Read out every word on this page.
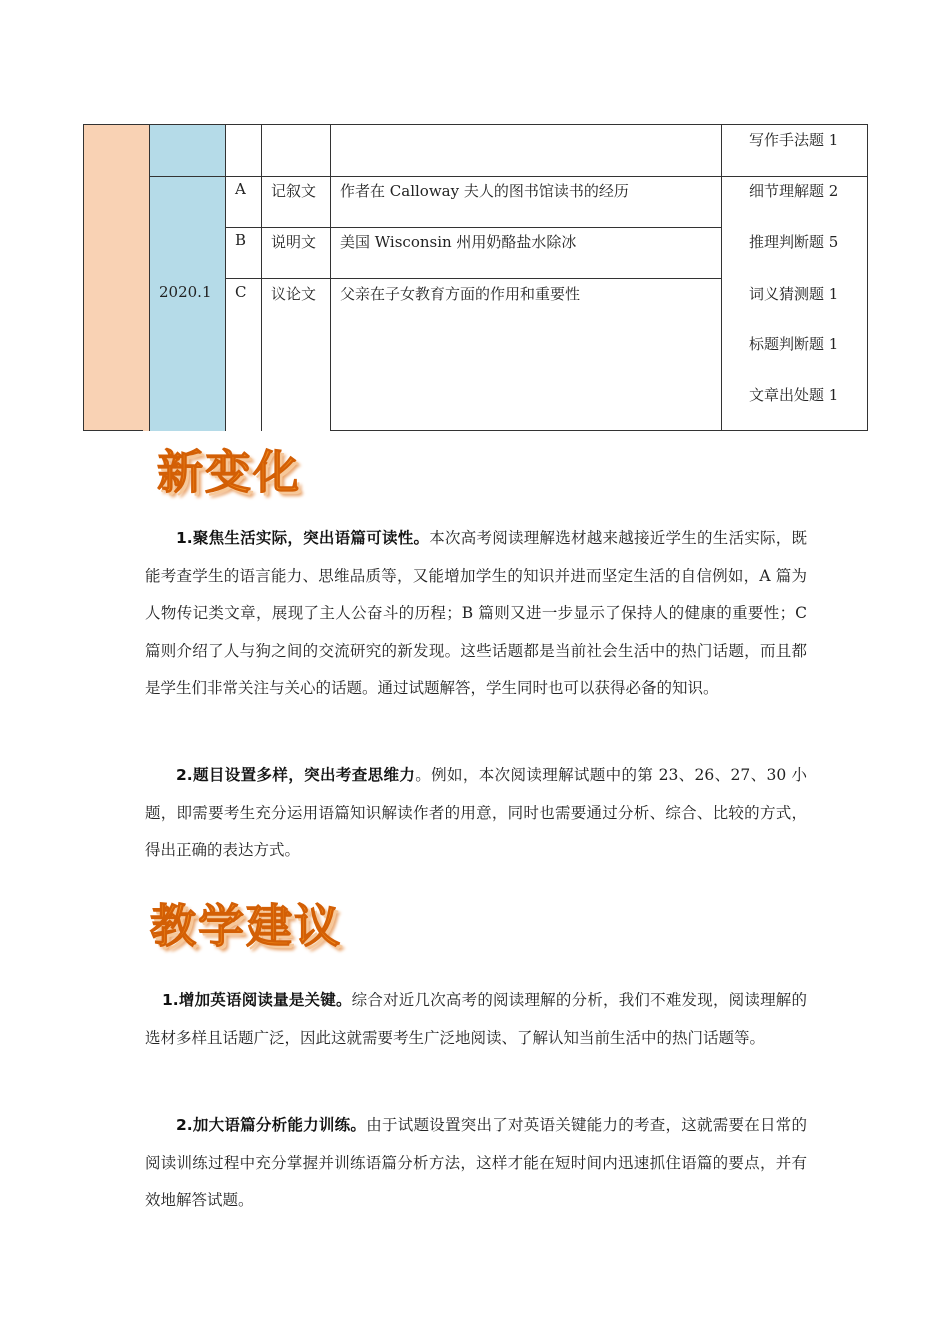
写作手法题 1
2020.1
A 记叙文 作者在 Calloway 夫人的图书馆读书的经历
B 说明文 美国 Wisconsin 州用奶酪盐水除冰
C 议论文 父亲在子女教育方面的作用和重要性
细节理解题 2
推理判断题 5
词义猜测题 1
标题判断题 1
文章出处题 1
新变化
1.聚焦生活实际，突出语篇可读性。本次高考阅读理解选材越来越接近学生的生活实际，既能考查学生的语言能力、思维品质等，又能增加学生的知识并进而坚定生活的自信例如，A 篇为人物传记类文章，展现了主人公奋斗的历程；B 篇则又进一步显示了保持人的健康的重要性；C 篇则介绍了人与狗之间的交流研究的新发现。这些话题都是当前社会生活中的热门话题，而且都是学生们非常关注与关心的话题。通过试题解答，学生同时也可以获得必备的知识。
2.题目设置多样，突出考查思维力。例如，本次阅读理解试题中的第 23、26、27、30 小题，即需要考生充分运用语篇知识解读作者的用意，同时也需要通过分析、综合、比较的方式，得出正确的表达方式。
教学建议
1.增加英语阅读量是关键。综合对近几次高考的阅读理解的分析，我们不难发现，阅读理解的选材多样且话题广泛，因此这就需要考生广泛地阅读、了解认知当前生活中的热门话题等。
2.加大语篇分析能力训练。由于试题设置突出了对英语关键能力的考查，这就需要在日常的阅读训练过程中充分掌握并训练语篇分析方法，这样才能在短时间内迅速抓住语篇的要点，并有效地解答试题。
